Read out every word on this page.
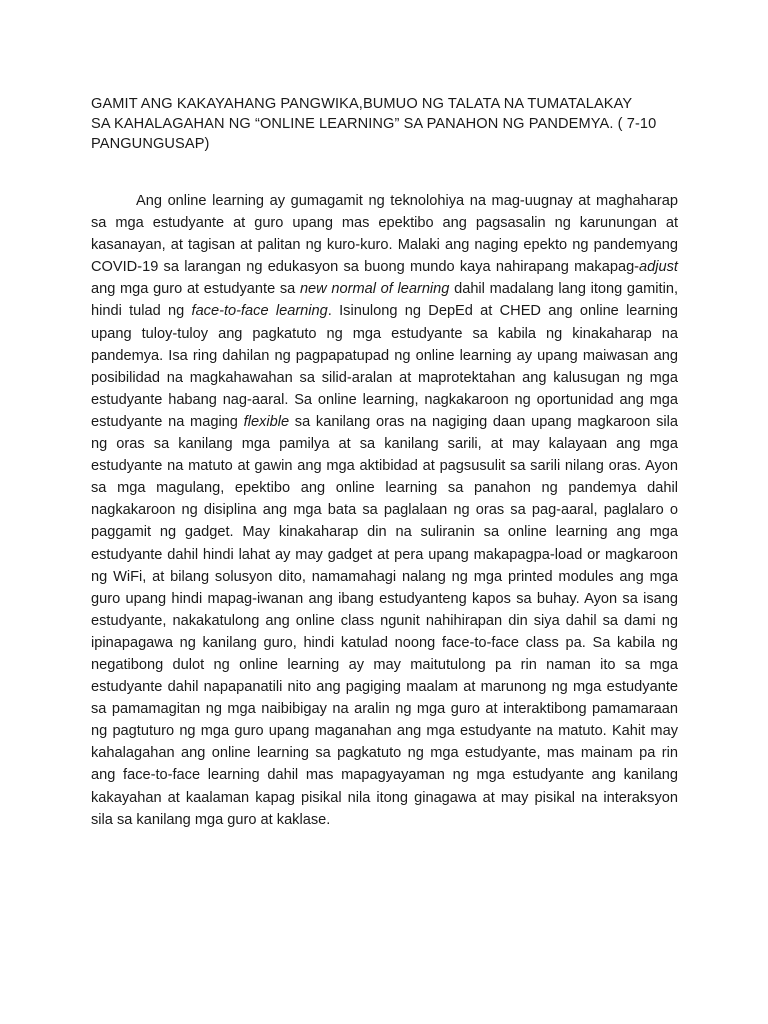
GAMIT ANG KAKAYAHANG PANGWIKA,BUMUO NG TALATA NA TUMATALAKAY
SA KAHALAGAHAN NG “ONLINE LEARNING” SA PANAHON NG PANDEMYA. ( 7-10
PANGUNGUSAP)

Ang online learning ay gumagamit ng teknolohiya na mag-uugnay at maghaharap sa mga estudyante at guro upang mas epektibo ang pagsasalin ng karunungan at kasanayan, at tagisan at palitan ng kuro-kuro. Malaki ang naging epekto ng pandemyang COVID-19 sa larangan ng edukasyon sa buong mundo kaya nahirapang makapag-adjust ang mga guro at estudyante sa new normal of learning dahil madalang lang itong gamitin, hindi tulad ng face-to-face learning. Isinulong ng DepEd at CHED ang online learning upang tuloy-tuloy ang pagkatuto ng mga estudyante sa kabila ng kinakaharap na pandemya. Isa ring dahilan ng pagpapatupad ng online learning ay upang maiwasan ang posibilidad na magkahawahan sa silid-aralan at maprotektahan ang kalusugan ng mga estudyante habang nag-aaral. Sa online learning, nagkakaroon ng oportunidad ang mga estudyante na maging flexible sa kanilang oras na nagiging daan upang magkaroon sila ng oras sa kanilang mga pamilya at sa kanilang sarili, at may kalayaan ang mga estudyante na matuto at gawin ang mga aktibidad at pagsusulit sa sarili nilang oras. Ayon sa mga magulang, epektibo ang online learning sa panahon ng pandemya dahil nagkakaroon ng disiplina ang mga bata sa paglalaan ng oras sa pag-aaral, paglalaro o paggamit ng gadget. May kinakaharap din na suliranin sa online learning ang mga estudyante dahil hindi lahat ay may gadget at pera upang makapagpa-load or magkaroon ng WiFi, at bilang solusyon dito, namamahagi nalang ng mga printed modules ang mga guro upang hindi mapag-iwanan ang ibang estudyanteng kapos sa buhay. Ayon sa isang estudyante, nakakatulong ang online class ngunit nahihirapan din siya dahil sa dami ng ipinapagawa ng kanilang guro, hindi katulad noong face-to-face class pa. Sa kabila ng negatibong dulot ng online learning ay may maitutulong pa rin naman ito sa mga estudyante dahil napapanatili nito ang pagiging maalam at marunong ng mga estudyante sa pamamagitan ng mga naibibigay na aralin ng mga guro at interaktibong pamamaraan ng pagtuturo ng mga guro upang maganahan ang mga estudyante na matuto. Kahit may kahalagahan ang online learning sa pagkatuto ng mga estudyante, mas mainam pa rin ang face-to-face learning dahil mas mapagyayaman ng mga estudyante ang kanilang kakayahan at kaalaman kapag pisikal nila itong ginagawa at may pisikal na interaksyon sila sa kanilang mga guro at kaklase.
